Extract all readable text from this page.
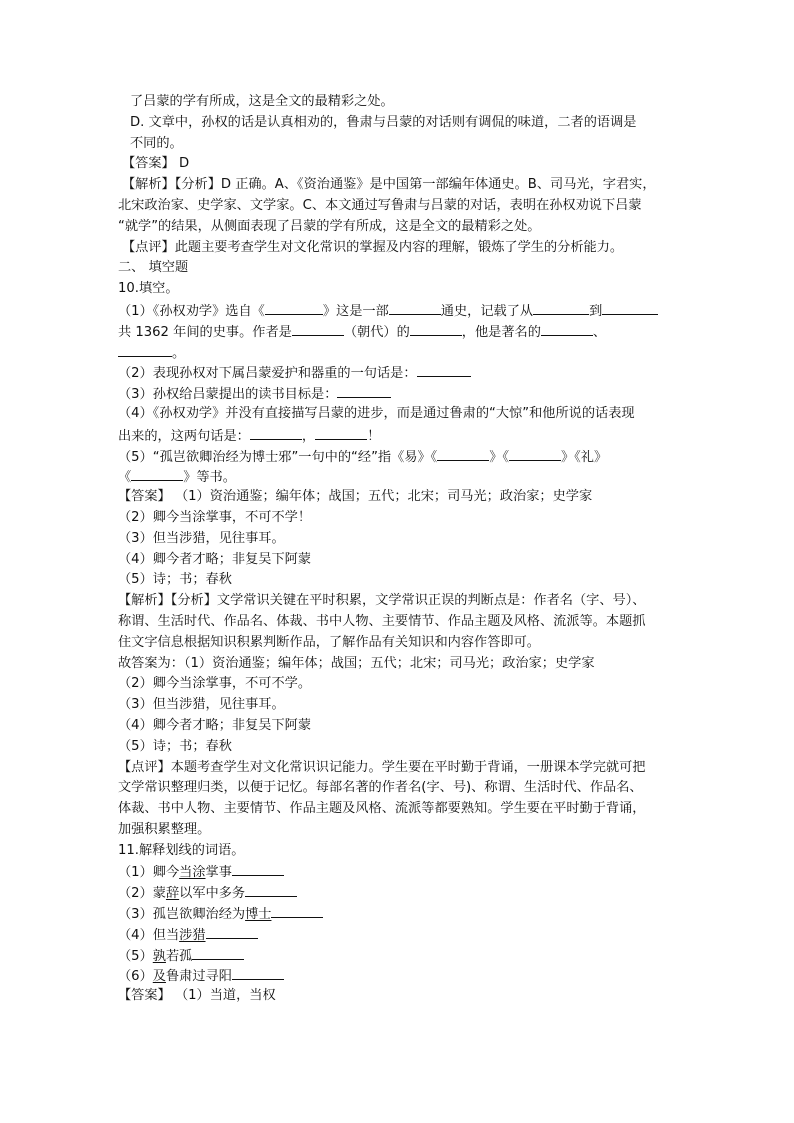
了吕蒙的学有所成，这是全文的最精彩之处。
D. 文章中，孙权的话是认真相劝的，鲁肃与吕蒙的对话则有调侃的味道，二者的语调是
不同的。
【答案】 D
【解析】【分析】D 正确。A、《资治通鉴》是中国第一部编年体通史。B、司马光，字君实，
北宋政治家、史学家、文学家。C、本文通过写鲁肃与吕蒙的对话，表明在孙权劝说下吕蒙
“就学”的结果，从侧面表现了吕蒙的学有所成，这是全文的最精彩之处。
【点评】此题主要考查学生对文化常识的掌握及内容的理解，锻炼了学生的分析能力。
二、 填空题
10.填空。
（1）《孙权劝学》选自《	》这是一部	通史，记载了从	到
共 1362 年间的史事。作者是	（朝代）的	，他是著名的	、
。
（2）表现孙权对下属吕蒙爱护和器重的一句话是：
（3）孙权给吕蒙提出的读书目标是：
（4）《孙权劝学》并没有直接描写吕蒙的进步，而是通过鲁肃的“大惊”和他所说的话表现
出来的，这两句话是：	，	！
（5）“孤岂欲卿治经为博士邪”一句中的“经”指《易》《	》《	》《礼》
《	》等书。
【答案】 （1）资治通鉴；编年体；战国；五代；北宋；司马光；政治家；史学家
（2）卿今当涂掌事，不可不学！
（3）但当涉猎，见往事耳。
（4）卿今者才略；非复吴下阿蒙
（5）诗；书；春秋
【解析】【分析】文学常识关键在平时积累，文学常识正误的判断点是：作者名（字、号）、
称谓、生活时代、作品名、体裁、书中人物、主要情节、作品主题及风格、流派等。本题抓
住文字信息根据知识积累判断作品，了解作品有关知识和内容作答即可。
故答案为：（1）资治通鉴；编年体；战国；五代；北宋；司马光；政治家；史学家
（2）卿今当涂掌事，不可不学。
（3）但当涉猎，见往事耳。
（4）卿今者才略；非复吴下阿蒙
（5）诗；书；春秋
【点评】本题考查学生对文化常识识记能力。学生要在平时勤于背诵，一册课本学完就可把
文学常识整理归类，以便于记忆。每部名著的作者名(字、号)、称谓、生活时代、作品名、
体裁、书中人物、主要情节、作品主题及风格、流派等都要熟知。学生要在平时勤于背诵，
加强积累整理。
11.解释划线的词语。
（1）卿今当涂掌事
（2）蒙辞以军中多务
（3）孤岂欲卿治经为博士
（4）但当涉猎
（5）孰若孤
（6）及鲁肃过寻阳
【答案】 （1）当道，当权
